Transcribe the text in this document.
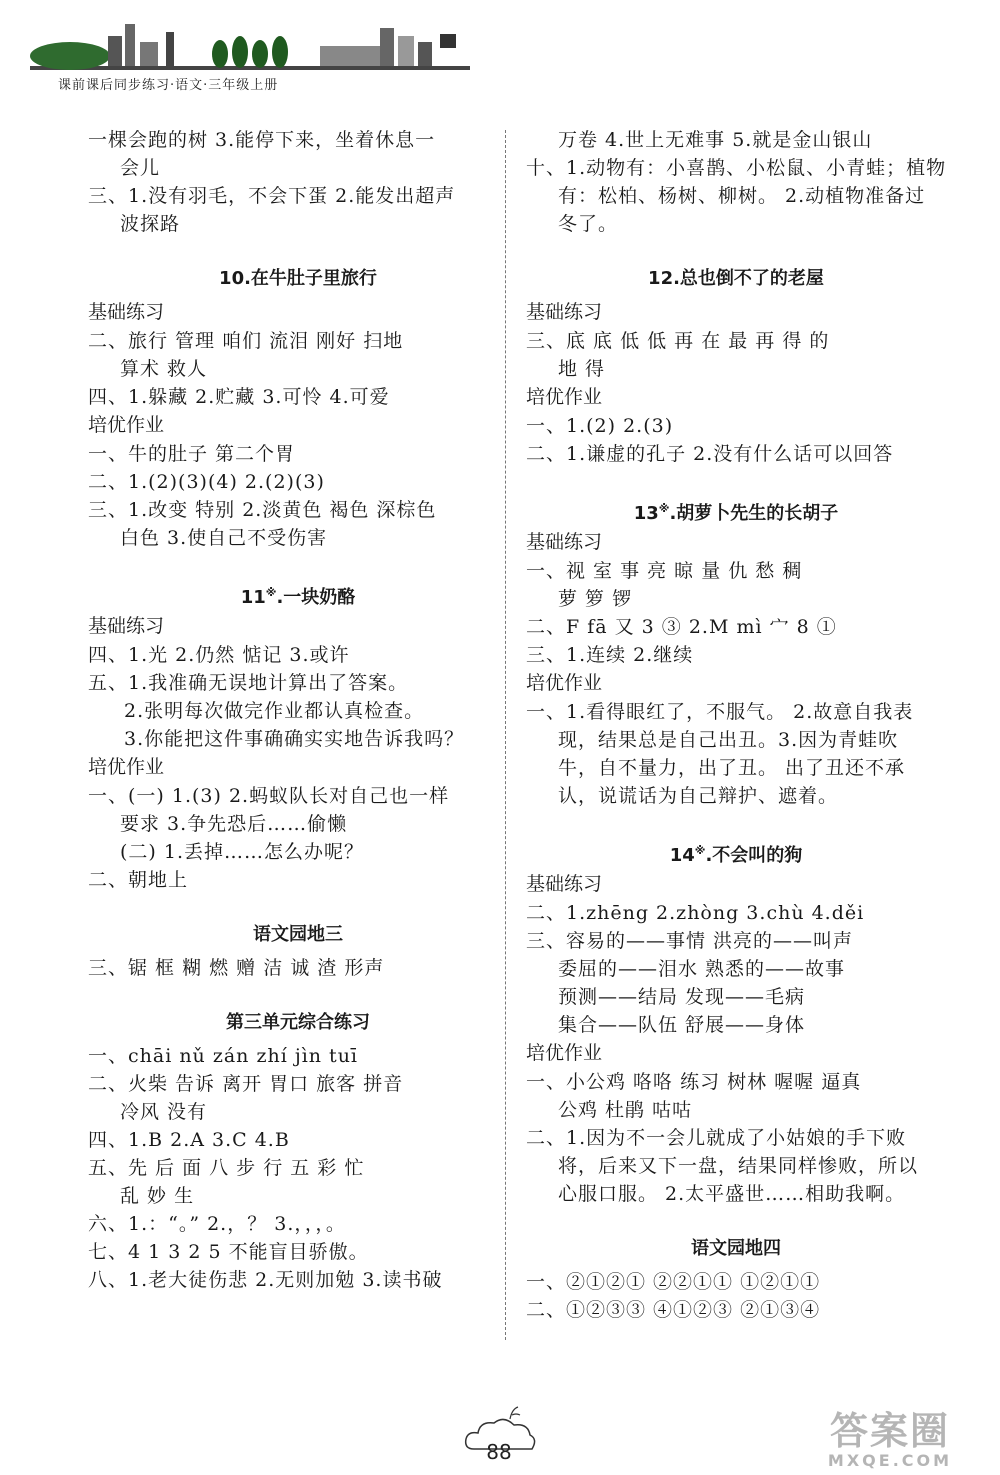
课前课后同步练习·语文·三年级上册
一棵会跑的树 3.能停下来，坐着休息一
会儿
三、1.没有羽毛，不会下蛋 2.能发出超声
波探路
10.在牛肚子里旅行
基础练习
二、旅行 管理 咱们 流泪 刚好 扫地
算术 救人
四、1.躲藏 2.贮藏 3.可怜 4.可爱
培优作业
一、牛的肚子 第二个胃
二、1.(2)(3)(4) 2.(2)(3)
三、1.改变 特别 2.淡黄色 褐色 深棕色
白色 3.使自己不受伤害
11※.一块奶酪
基础练习
四、1.光 2.仍然 惦记 3.或许
五、1.我准确无误地计算出了答案。
2.张明每次做完作业都认真检查。
3.你能把这件事确确实实地告诉我吗？
培优作业
一、(一) 1.(3) 2.蚂蚁队长对自己也一样
要求 3.争先恐后……偷懒
(二) 1.丢掉……怎么办呢？
二、朝地上
语文园地三
三、锯 框 糊 燃 赠 洁 诚 渣 形声
第三单元综合练习
一、chāi nǔ zán zhí jìn tuī
二、火柴 告诉 离开 胃口 旅客 拼音
冷风 没有
四、1.B 2.A 3.C 4.B
五、先 后 面 八 步 行 五 彩 忙
乱 妙 生
六、1.：“。” 2.，？ 3.，，，。
七、4 1 3 2 5 不能盲目骄傲。
八、1.老大徒伤悲 2.无则加勉 3.读书破
万卷 4.世上无难事 5.就是金山银山
十、1.动物有：小喜鹊、小松鼠、小青蛙；植物
有：松柏、杨树、柳树。 2.动植物准备过
冬了。
12.总也倒不了的老屋
基础练习
三、底 底 低 低 再 在 最 再 得 的
地 得
培优作业
一、1.(2) 2.(3)
二、1.谦虚的孔子 2.没有什么话可以回答
13※.胡萝卜先生的长胡子
基础练习
一、视 室 事 亮 晾 量 仇 愁 稠
萝 箩 锣
二、F fā 又 3 ③ 2.M mì 宀 8 ①
三、1.连续 2.继续
培优作业
一、1.看得眼红了，不服气。 2.故意自我表
现，结果总是自己出丑。3.因为青蛙吹
牛，自不量力，出了丑。 出了丑还不承
认，说谎话为自己辩护、遮着。
14※.不会叫的狗
基础练习
二、1.zhēng 2.zhòng 3.chù 4.děi
三、容易的——事情 洪亮的——叫声
委屈的——泪水 熟悉的——故事
预测——结局 发现——毛病
集合——队伍 舒展——身体
培优作业
一、小公鸡 咯咯 练习 树林 喔喔 逼真
公鸡 杜鹃 咕咕
二、1.因为不一会儿就成了小姑娘的手下败
将，后来又下一盘，结果同样惨败，所以
心服口服。 2.太平盛世……相助我啊。
语文园地四
一、②①②① ②②①① ①②①①
二、①②③③ ④①②③ ②①③④
88	答案圈
MXQE.COM
